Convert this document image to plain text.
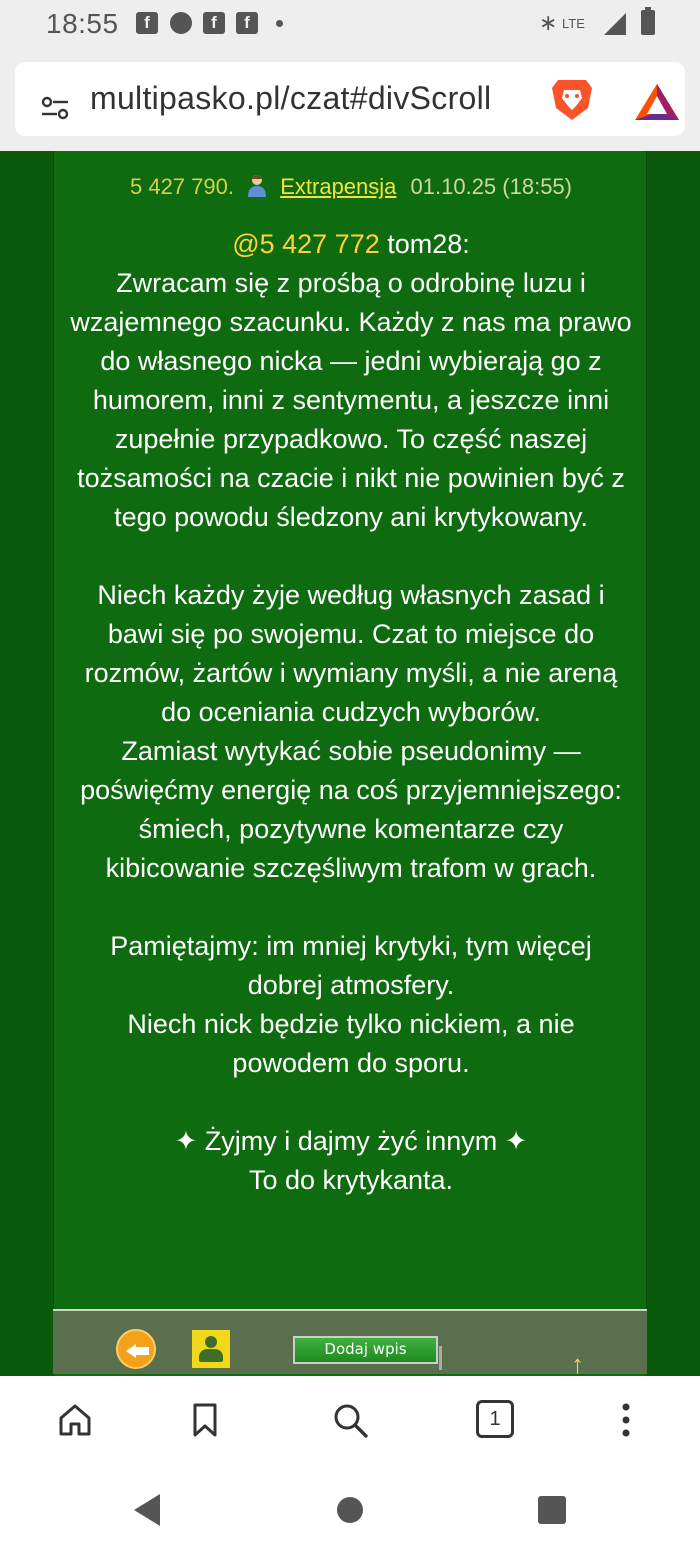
18:55	f	f	f	∗ LTE
multipasko.pl/czat#divScroll
5 427 790. Extrapensja 01.10.25 (18:55)

@5 427 772 tom28:

Zwracam się z prośbą o odrobinę luzu i wzajemnego szacunku. Każdy z nas ma prawo do własnego nicka — jedni wybierają go z humorem, inni z sentymentu, a jeszcze inni zupełnie przypadkowo. To część naszej tożsamości na czacie i nikt nie powinien być z tego powodu śledzony ani krytykowany.

Niech każdy żyje według własnych zasad i bawi się po swojemu. Czat to miejsce do rozmów, żartów i wymiany myśli, a nie areną do oceniania cudzych wyborów.

Zamiast wytykać sobie pseudonimy — poświęćmy energię na coś przyjemniejszego: śmiech, pozytywne komentarze czy kibicowanie szczęśliwym trafom w grach.

Pamiętajmy: im mniej krytyki, tym więcej dobrej atmosfery.

Niech nick będzie tylko nickiem, a nie powodem do sporu.

✦ Żyjmy i dajmy żyć innym ✦

To do krytykanta.

Dodaj wpis	↑
1
